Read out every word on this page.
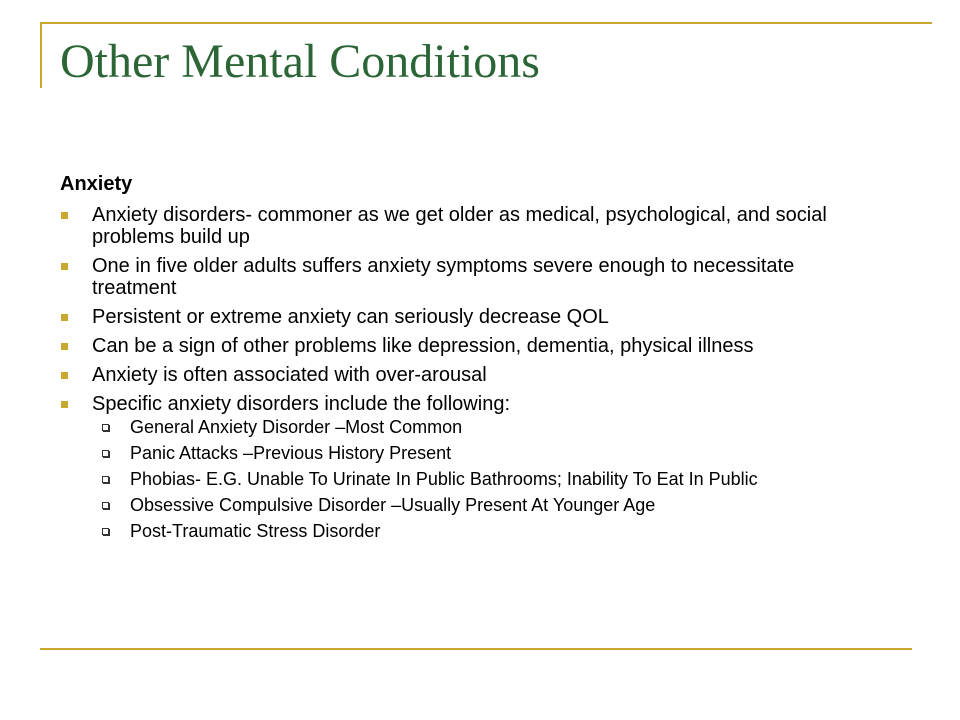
Other Mental Conditions
Anxiety
Anxiety disorders- commoner as we get older as medical, psychological, and social problems build up
One in five older adults suffers anxiety symptoms severe enough to necessitate treatment
Persistent or extreme anxiety can seriously decrease QOL
Can be a sign of other problems like depression, dementia, physical illness
Anxiety is often associated with over-arousal
Specific anxiety disorders include the following:
General Anxiety Disorder –Most Common
Panic Attacks –Previous History Present
Phobias- E.G. Unable To Urinate In Public Bathrooms; Inability To Eat In Public
Obsessive Compulsive Disorder –Usually Present At Younger Age
Post-Traumatic Stress Disorder
